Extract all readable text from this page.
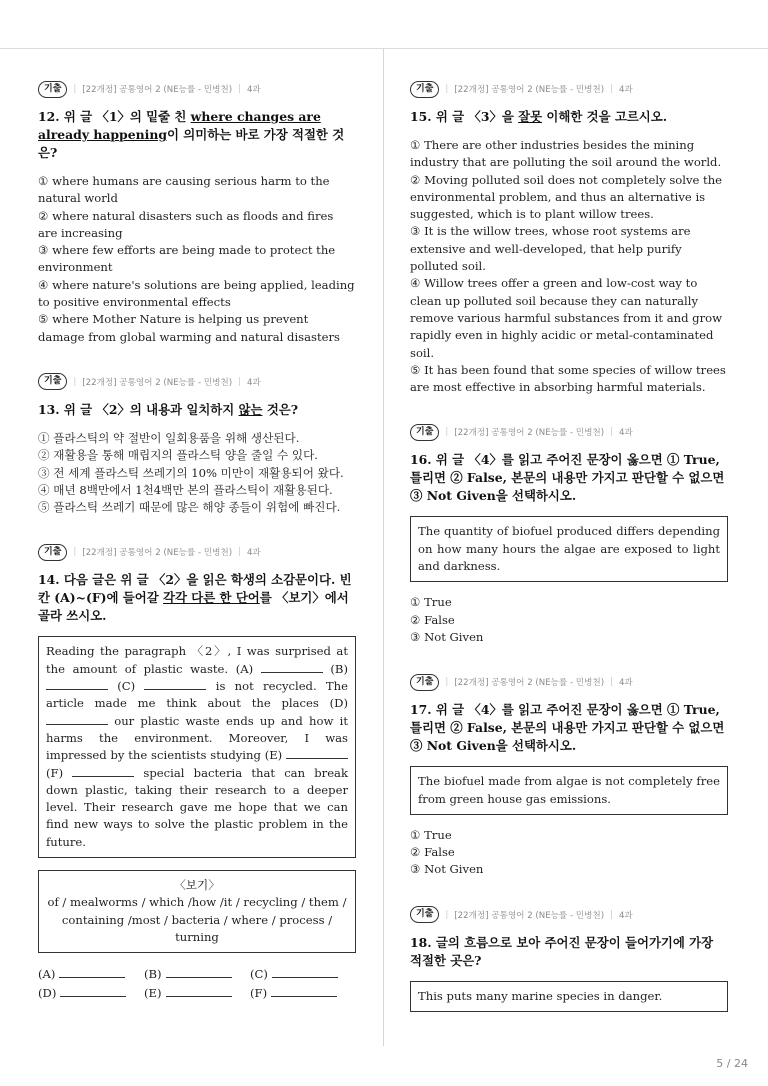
기출	| [22개정] 공통영어 2 (NE능률 - 민병천) | 4과

12. 위 글 〈1〉의 밑줄 친 where changes are already happening이 의미하는 바로 가장 적절한 것은?

① where humans are causing serious harm to the natural world
② where natural disasters such as floods and fires are increasing
③ where few efforts are being made to protect the environment
④ where nature's solutions are being applied, leading to positive environmental effects
⑤ where Mother Nature is helping us prevent damage from global warming and natural disasters
기출	| [22개정] 공통영어 2 (NE능률 - 민병천) | 4과

13. 위 글 〈2〉의 내용과 일치하지 않는 것은?

① 플라스틱의 약 절반이 일회용품을 위해 생산된다.
② 재활용을 통해 매립지의 플라스틱 양을 줄일 수 있다.
③ 전 세계 플라스틱 쓰레기의 10% 미만이 재활용되어 왔다.
④ 매년 8백만에서 1천4백만 본의 플라스틱이 재활용된다.
⑤ 플라스틱 쓰레기 때문에 많은 해양 종들이 위험에 빠진다.
기출	| [22개정] 공통영어 2 (NE능률 - 민병천) | 4과

14. 다음 글은 위 글 〈2〉을 읽은 학생의 소감문이다. 빈칸 (A)~(F)에 들어갈 각각 다른 한 단어를 〈보기〉에서 골라 쓰시오.

Reading the paragraph 〈2〉, I was surprised at the amount of plastic waste. (A)	(B)  (C)	is not recycled. The article made me think about the places (D)  our plastic waste ends up and how it harms the environment. Moreover, I was impressed by the scientists studying (E)  (F)	special bacteria that can break down plastic, taking their research to a deeper level. Their research gave me hope that we can find new ways to solve the plastic problem in the future.
〈보기〉
of / mealworms / which /how /it / recycling / them / containing /most / bacteria / where / process / turning
(A)	(B)	(C)
(D)	(E)	(F)
기출	| [22개정] 공통영어 2 (NE능률 - 민병천) | 4과

15. 위 글 〈3〉을 잘못 이해한 것을 고르시오.

① There are other industries besides the mining industry that are polluting the soil around the world.
② Moving polluted soil does not completely solve the environmental problem, and thus an alternative is suggested, which is to plant willow trees.
③ It is the willow trees, whose root systems are extensive and well-developed, that help purify polluted soil.
④ Willow trees offer a green and low-cost way to clean up polluted soil because they can naturally remove various harmful substances from it and grow rapidly even in highly acidic or metal-contaminated soil.
⑤ It has been found that some species of willow trees are most effective in absorbing harmful materials.
기출	| [22개정] 공통영어 2 (NE능률 - 민병천) | 4과

16. 위 글 〈4〉를 읽고 주어진 문장이 옳으면 ① True, 틀리면 ② False, 본문의 내용만 가지고 판단할 수 없으면 ③ Not Given을 선택하시오.

The quantity of biofuel produced differs depending on how many hours the algae are exposed to light and darkness.
① True
② False
③ Not Given
기출	| [22개정] 공통영어 2 (NE능률 - 민병천) | 4과

17. 위 글 〈4〉를 읽고 주어진 문장이 옳으면 ① True, 틀리면 ② False, 본문의 내용만 가지고 판단할 수 없으면 ③ Not Given을 선택하시오.

The biofuel made from algae is not completely free from green house gas emissions.
① True
② False
③ Not Given
기출	| [22개정] 공통영어 2 (NE능률 - 민병천) | 4과

18. 글의 흐름으로 보아 주어진 문장이 들어가기에 가장 적절한 곳은?

This puts many marine species in danger.
5 / 24
